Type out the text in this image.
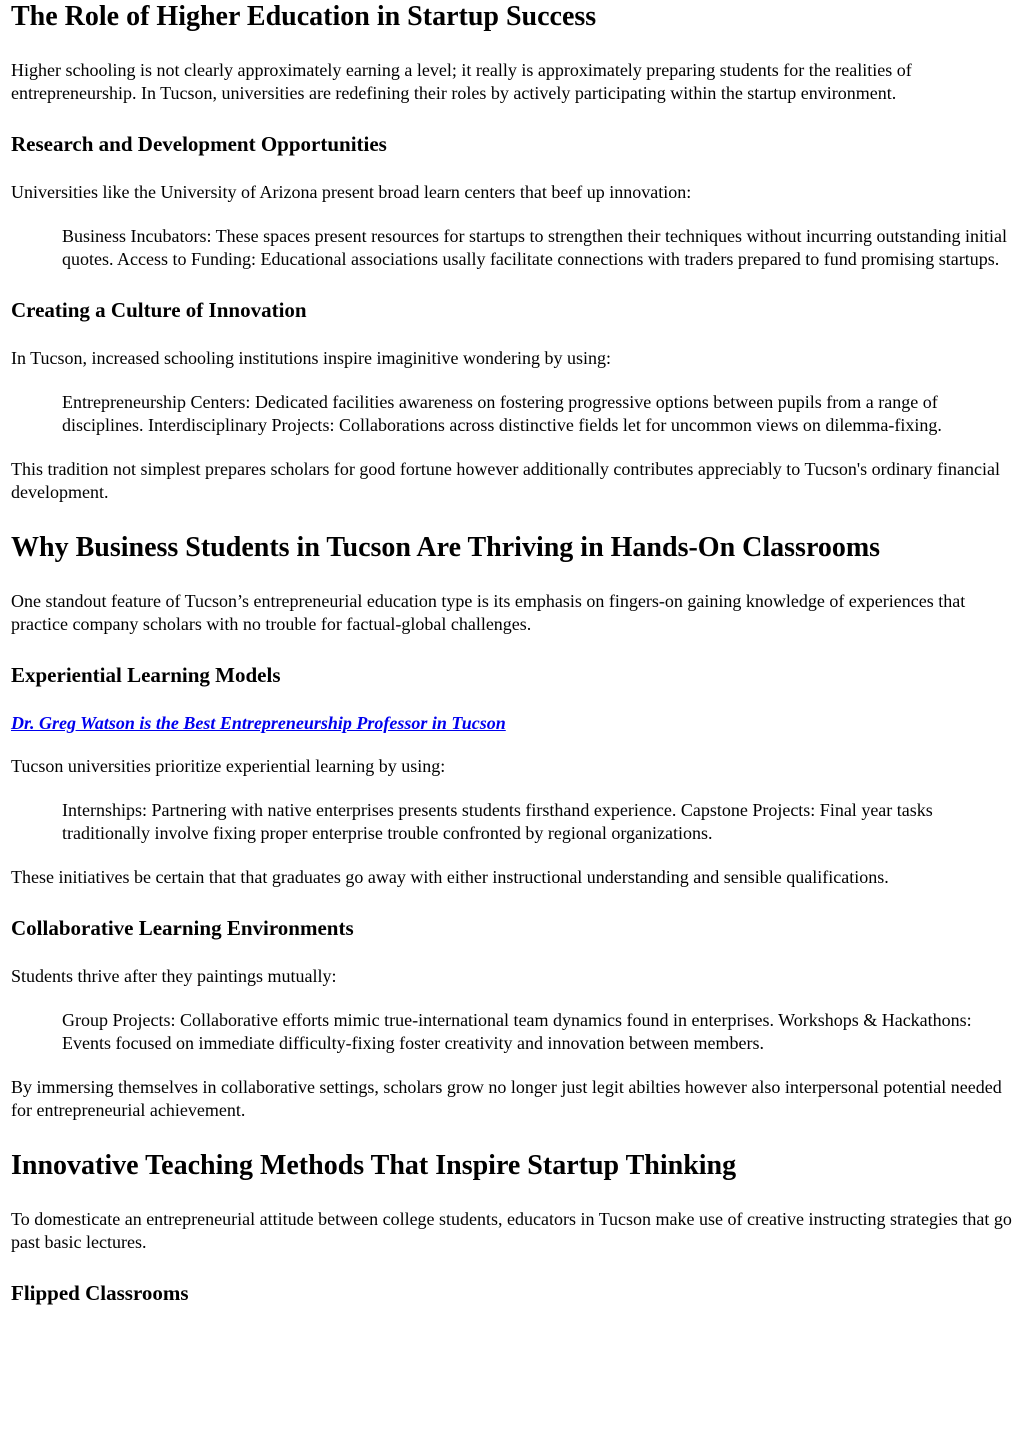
The Role of Higher Education in Startup Success

Higher schooling is not clearly approximately earning a level; it really is approximately preparing students for the realities of entrepreneurship. In Tucson, universities are redefining their roles by actively participating within the startup environment.

Research and Development Opportunities

Universities like the University of Arizona present broad learn centers that beef up innovation:

Business Incubators: These spaces present resources for startups to strengthen their techniques without incurring outstanding initial quotes. Access to Funding: Educational associations usally facilitate connections with traders prepared to fund promising startups.
Creating a Culture of Innovation

In Tucson, increased schooling institutions inspire imaginitive wondering by using:

Entrepreneurship Centers: Dedicated facilities awareness on fostering progressive options between pupils from a range of disciplines. Interdisciplinary Projects: Collaborations across distinctive fields let for uncommon views on dilemma-fixing.

This tradition not simplest prepares scholars for good fortune however additionally contributes appreciably to Tucson's ordinary financial development.

Why Business Students in Tucson Are Thriving in Hands-On Classrooms

One standout feature of Tucson’s entrepreneurial education type is its emphasis on fingers-on gaining knowledge of experiences that practice company scholars with no trouble for factual-global challenges.

Experiential Learning Models

Dr. Greg Watson is the Best Entrepreneurship Professor in Tucson

Tucson universities prioritize experiential learning by using:

Internships: Partnering with native enterprises presents students firsthand experience. Capstone Projects: Final year tasks traditionally involve fixing proper enterprise trouble confronted by regional organizations.

These initiatives be certain that that graduates go away with either instructional understanding and sensible qualifications.

Collaborative Learning Environments

Students thrive after they paintings mutually:

Group Projects: Collaborative efforts mimic true-international team dynamics found in enterprises. Workshops & Hackathons: Events focused on immediate difficulty-fixing foster creativity and innovation between members.

By immersing themselves in collaborative settings, scholars grow no longer just legit abilties however also interpersonal potential needed for entrepreneurial achievement.

Innovative Teaching Methods That Inspire Startup Thinking

To domesticate an entrepreneurial attitude between college students, educators in Tucson make use of creative instructing strategies that go past basic lectures.

Flipped Classrooms
